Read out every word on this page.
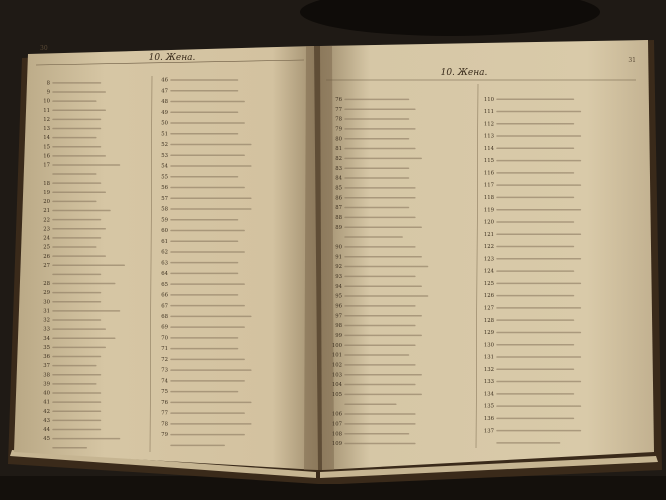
30
31
10. Жена.
10. Жена.
8
9
10
11
12
13
14
15
16
17
18
19
20
21
22
23
24
25
26
27
28
29
30
31
32
33
34
35
36
37
38
39
40
41
42
43
44
45
46
47
48
49
50
51
52
53
54
55
56
57
58
59
60
61
62
63
64
65
66
67
68
69
70
71
72
73
74
75
76
77
78
79
76
77
78
79
80
81
82
83
84
85
86
87
88
89
90
91
92
93
94
95
96
97
98
99
100
101
102
103
104
105
106
107
108
109
110
111
112
113
114
115
116
117
118
119
120
121
122
123
124
125
126
127
128
129
130
131
132
133
134
135
136
137
